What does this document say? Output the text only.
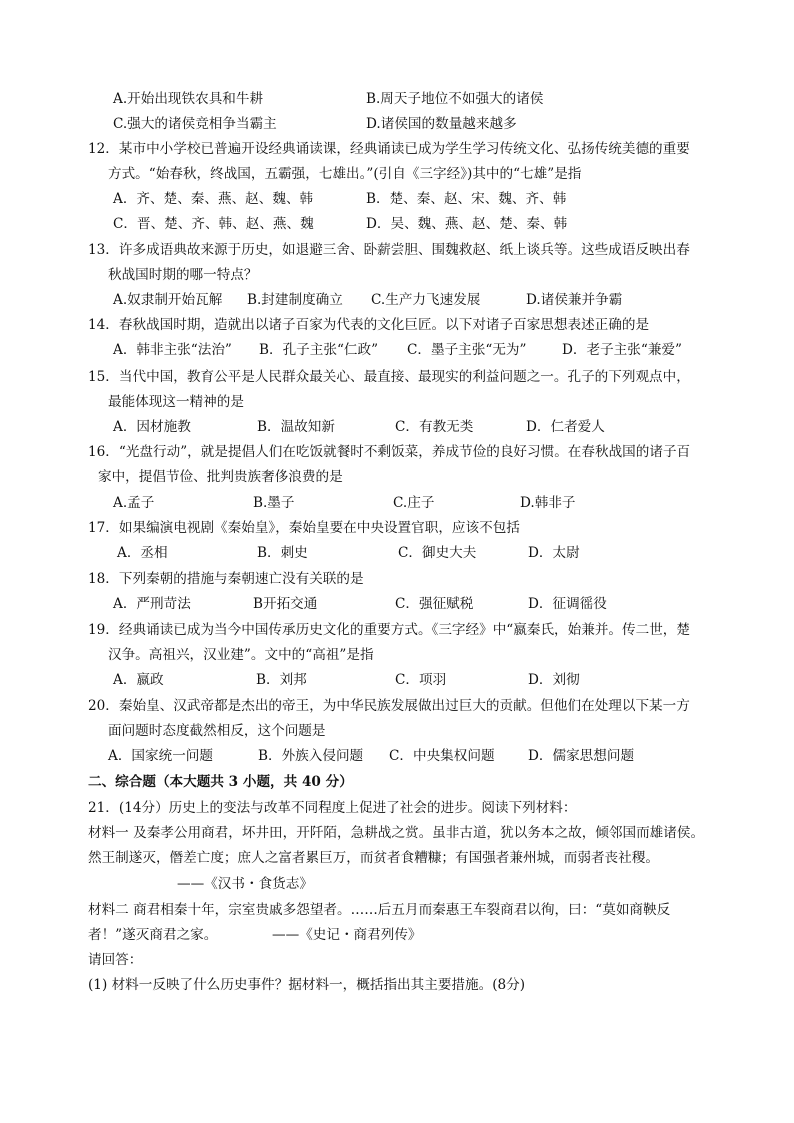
A.开始出现铁农具和牛耕	B.周天子地位不如强大的诸侯
C.强大的诸侯竞相争当霸主	D.诸侯国的数量越来越多
12．某市中小学校已普遍开设经典诵读课，经典诵读已成为学生学习传统文化、弘扬传统美德的重要
方式。“始春秋，终战国，五霸强，七雄出。”(引自《三字经》)其中的“七雄”是指
A．齐、楚、秦、燕、赵、魏、韩	B．楚、秦、赵、宋、魏、齐、韩
C．晋、楚、齐、韩、赵、燕、魏	D．吴、魏、燕、赵、楚、秦、韩
13．许多成语典故来源于历史，如退避三舍、卧薪尝胆、围魏救赵、纸上谈兵等。这些成语反映出春
秋战国时期的哪一特点？
A.奴隶制开始瓦解 B.封建制度确立 C.生产力飞速发展	D.诸侯兼并争霸
14．春秋战国时期，造就出以诸子百家为代表的文化巨匠。以下对诸子百家思想表述正确的是
A．韩非主张“法治” B．孔子主张“仁政” C．墨子主张“无为”	D．老子主张“兼爱”
15．当代中国，教育公平是人民群众最关心、最直接、最现实的利益问题之一。孔子的下列观点中，
最能体现这一精神的是
A．因材施教	B．温故知新	C．有教无类	D．仁者爱人
16．“光盘行动”，就是提倡人们在吃饭就餐时不剩饭菜，养成节俭的良好习惯。在春秋战国的诸子百
家中，提倡节俭、批判贵族奢侈浪费的是
A.孟子	B.墨子	C.庄子	D.韩非子
17．如果编演电视剧《秦始皇》，秦始皇要在中央设置官职，应该不包括
A．丞相	B．刺史	C．御史大夫	D．太尉
18．下列秦朝的措施与秦朝速亡没有关联的是
A．严刑苛法	B开拓交通	C．强征赋税	D．征调徭役
19．经典诵读已成为当今中国传承历史文化的重要方式。《三字经》中“嬴秦氏，始兼并。传二世，楚
汉争。高祖兴，汉业建”。文中的“高祖”是指
A．嬴政	B．刘邦	C．项羽	D．刘彻
20．秦始皇、汉武帝都是杰出的帝王，为中华民族发展做出过巨大的贡献。但他们在处理以下某一方
面问题时态度截然相反，这个问题是
A．国家统一问题	B．外族入侵问题 C．中央集权问题 D．儒家思想问题
二、综合题（本大题共 3 小题，共 40 分）
21．(14分）历史上的变法与改革不同程度上促进了社会的进步。阅读下列材料：
材料一 及秦孝公用商君，坏井田，开阡陌，急耕战之赏。虽非古道，犹以务本之故，倾邻国而雄诸侯。
然王制遂灭，僭差亡度；庶人之富者累巨万，而贫者食糟糠；有国强者兼州城，而弱者丧社稷。
——《汉书・食货志》
材料二 商君相秦十年，宗室贵戚多怨望者。……后五月而秦惠王车裂商君以徇，曰：“莫如商鞅反
者！”遂灭商君之家。	——《史记・商君列传》
请回答：
(1) 材料一反映了什么历史事件？据材料一，概括指出其主要措施。(8分)
